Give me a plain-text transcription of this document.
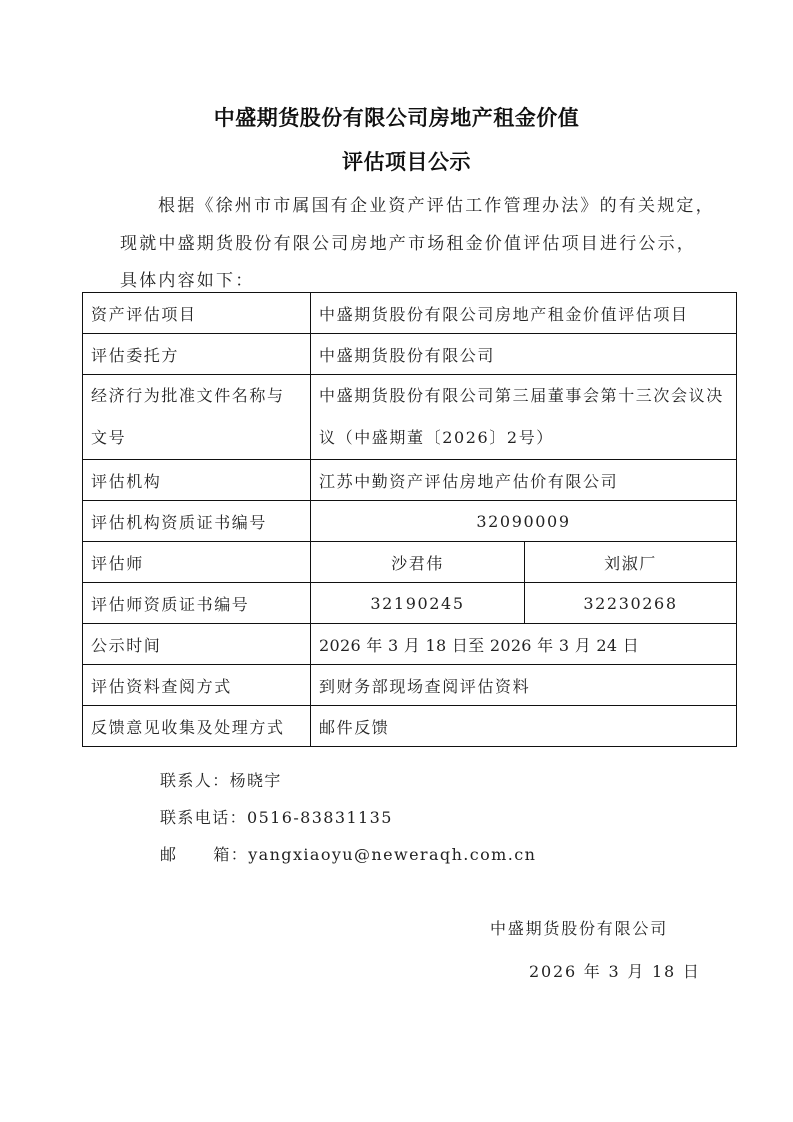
中盛期货股份有限公司房地产租金价值
评估项目公示
根据《徐州市市属国有企业资产评估工作管理办法》的有关规定，
现就中盛期货股份有限公司房地产市场租金价值评估项目进行公示，
具体内容如下：
资产评估项目	中盛期货股份有限公司房地产租金价值评估项目	
评估委托方	中盛期货股份有限公司	
经济行为批准文件名称与文号	中盛期货股份有限公司第三届董事会第十三次会议决议（中盛期董〔2026〕2号）	
评估机构	江苏中勤资产评估房地产估价有限公司	
评估机构资质证书编号	32090009	
评估师	沙君伟	刘淑厂
评估师资质证书编号	32190245	32230268
公示时间	2026 年 3 月 18 日至 2026 年 3 月 24 日	
评估资料查阅方式	到财务部现场查阅评估资料	
反馈意见收集及处理方式	邮件反馈	
联系人：杨晓宇
联系电话：0516-83831135
邮 箱：yangxiaoyu@neweraqh.com.cn
中盛期货股份有限公司
2026 年 3 月 18 日
